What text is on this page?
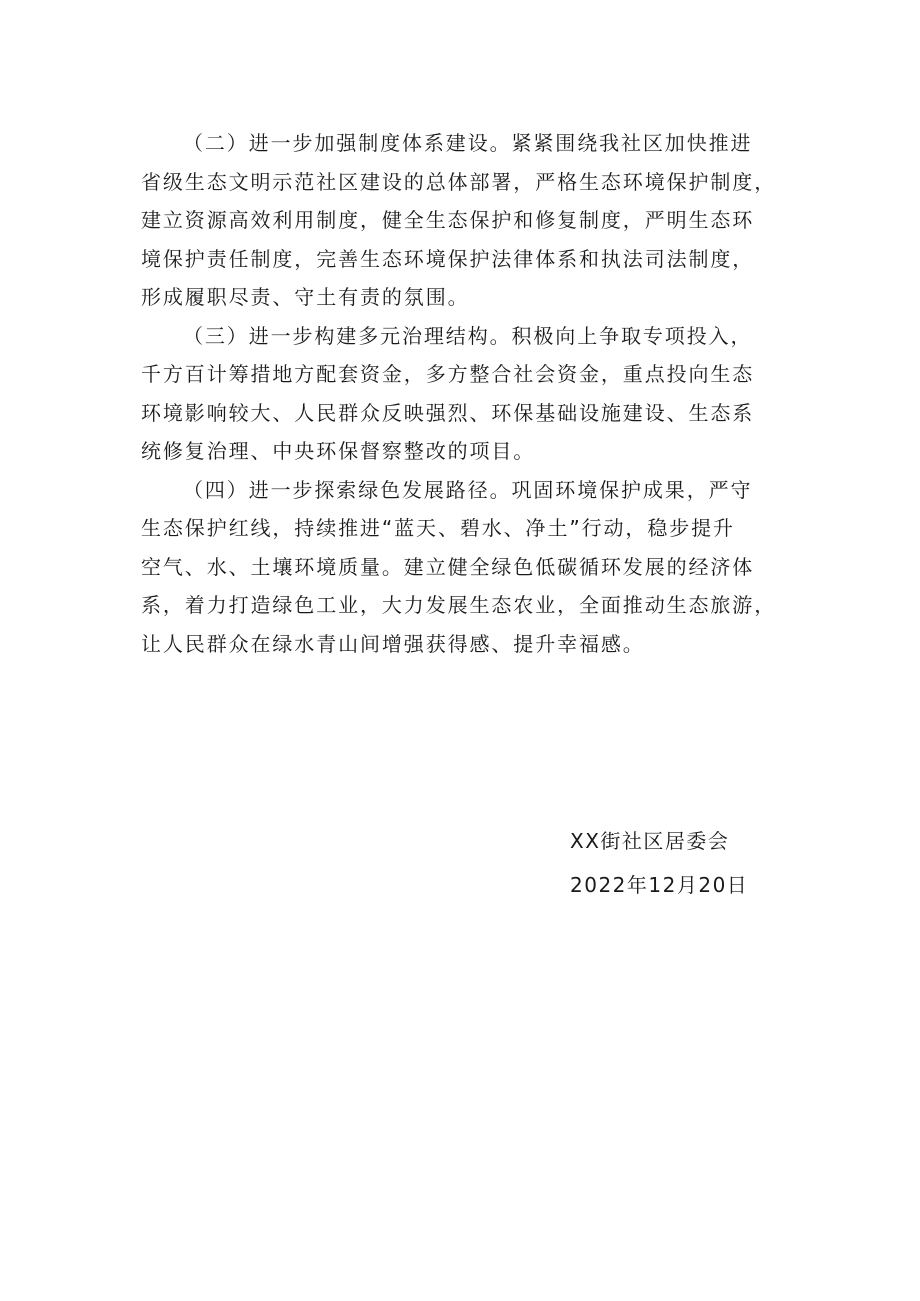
（二）进一步加强制度体系建设。紧紧围绕我社区加快推进
省级生态文明示范社区建设的总体部署，严格生态环境保护制度，
建立资源高效利用制度，健全生态保护和修复制度，严明生态环
境保护责任制度，完善生态环境保护法律体系和执法司法制度，
形成履职尽责、守土有责的氛围。
（三）进一步构建多元治理结构。积极向上争取专项投入，
千方百计筹措地方配套资金，多方整合社会资金，重点投向生态
环境影响较大、人民群众反映强烈、环保基础设施建设、生态系
统修复治理、中央环保督察整改的项目。
（四）进一步探索绿色发展路径。巩固环境保护成果，严守
生态保护红线，持续推进“蓝天、碧水、净土”行动，稳步提升
空气、水、土壤环境质量。建立健全绿色低碳循环发展的经济体
系，着力打造绿色工业，大力发展生态农业，全面推动生态旅游，
让人民群众在绿水青山间增强获得感、提升幸福感。
XX街社区居委会
2022年12月20日
